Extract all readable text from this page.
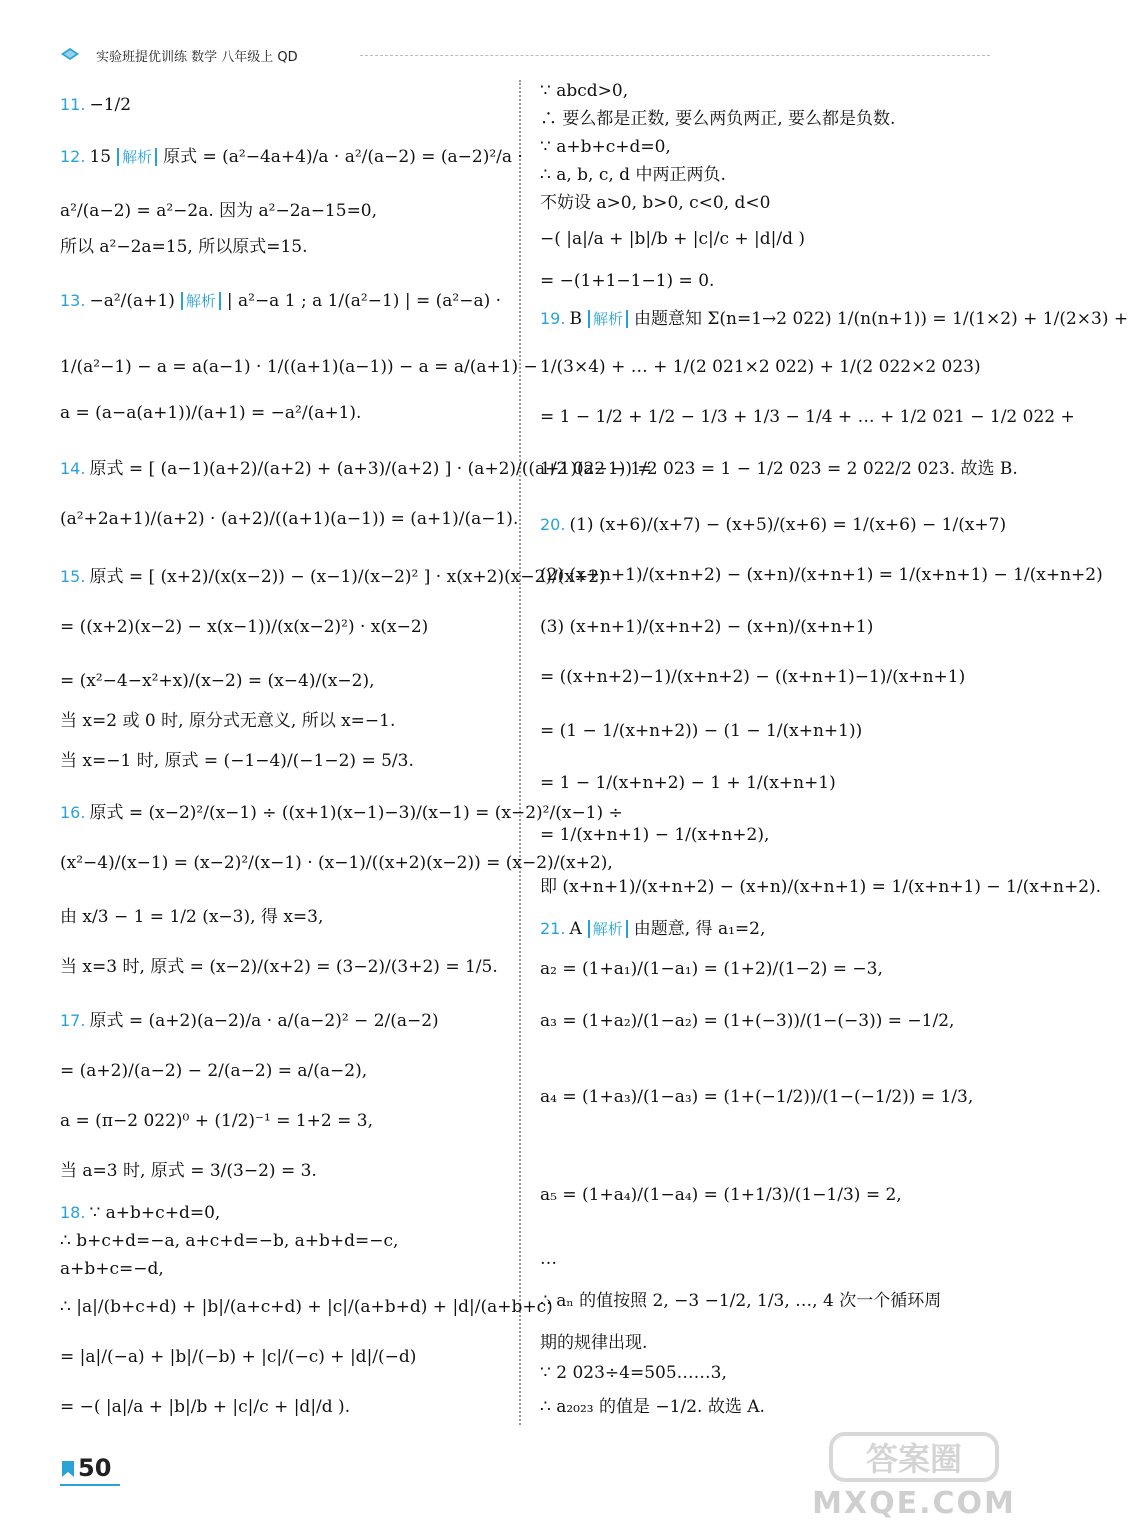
实验班提优训练 数学 八年级上 QD
11. −1/2
12. 15 解析 原式 = (a²−4a+4)/a · a²/(a−2) = (a−2)²/a ·
a²/(a−2) = a²−2a. 因为 a²−2a−15=0,
所以 a²−2a=15, 所以原式=15.
13. −a²/(a+1) 解析 | a²−a 1 ; a 1/(a²−1) | = (a²−a) ·
1/(a²−1) − a = a(a−1) · 1/((a+1)(a−1)) − a = a/(a+1) −
a = (a−a(a+1))/(a+1) = −a²/(a+1).
14. 原式 = [ (a−1)(a+2)/(a+2) + (a+3)/(a+2) ] · (a+2)/((a+1)(a−1)) =
(a²+2a+1)/(a+2) · (a+2)/((a+1)(a−1)) = (a+1)/(a−1).
15. 原式 = [ (x+2)/(x(x−2)) − (x−1)/(x−2)² ] · x(x+2)(x−2)/(x+2)
= ((x+2)(x−2) − x(x−1))/(x(x−2)²) · x(x−2)
= (x²−4−x²+x)/(x−2) = (x−4)/(x−2),
当 x=2 或 0 时, 原分式无意义, 所以 x=−1.
当 x=−1 时, 原式 = (−1−4)/(−1−2) = 5/3.
16. 原式 = (x−2)²/(x−1) ÷ ((x+1)(x−1)−3)/(x−1) = (x−2)²/(x−1) ÷
(x²−4)/(x−1) = (x−2)²/(x−1) · (x−1)/((x+2)(x−2)) = (x−2)/(x+2),
由 x/3 − 1 = 1/2 (x−3), 得 x=3,
当 x=3 时, 原式 = (x−2)/(x+2) = (3−2)/(3+2) = 1/5.
17. 原式 = (a+2)(a−2)/a · a/(a−2)² − 2/(a−2)
= (a+2)/(a−2) − 2/(a−2) = a/(a−2),
a = (π−2 022)⁰ + (1/2)⁻¹ = 1+2 = 3,
当 a=3 时, 原式 = 3/(3−2) = 3.
18. ∵ a+b+c+d=0,
∴ b+c+d=−a, a+c+d=−b, a+b+d=−c,
a+b+c=−d,
∴ |a|/(b+c+d) + |b|/(a+c+d) + |c|/(a+b+d) + |d|/(a+b+c)
= |a|/(−a) + |b|/(−b) + |c|/(−c) + |d|/(−d)
= −( |a|/a + |b|/b + |c|/c + |d|/d ).
∵ abcd>0,
∴ 要么都是正数, 要么两负两正, 要么都是负数.
∵ a+b+c+d=0,
∴ a, b, c, d 中两正两负.
不妨设 a>0, b>0, c<0, d<0
−( |a|/a + |b|/b + |c|/c + |d|/d )
= −(1+1−1−1) = 0.
19. B 解析 由题意知 Σ(n=1→2 022) 1/(n(n+1)) = 1/(1×2) + 1/(2×3) +
1/(3×4) + … + 1/(2 021×2 022) + 1/(2 022×2 023)
= 1 − 1/2 + 1/2 − 1/3 + 1/3 − 1/4 + … + 1/2 021 − 1/2 022 +
1/2 022 − 1/2 023 = 1 − 1/2 023 = 2 022/2 023. 故选 B.
20. (1) (x+6)/(x+7) − (x+5)/(x+6) = 1/(x+6) − 1/(x+7)
(2) (x+n+1)/(x+n+2) − (x+n)/(x+n+1) = 1/(x+n+1) − 1/(x+n+2)
(3) (x+n+1)/(x+n+2) − (x+n)/(x+n+1)
= ((x+n+2)−1)/(x+n+2) − ((x+n+1)−1)/(x+n+1)
= (1 − 1/(x+n+2)) − (1 − 1/(x+n+1))
= 1 − 1/(x+n+2) − 1 + 1/(x+n+1)
= 1/(x+n+1) − 1/(x+n+2),
即 (x+n+1)/(x+n+2) − (x+n)/(x+n+1) = 1/(x+n+1) − 1/(x+n+2).
21. A 解析 由题意, 得 a₁=2,
a₂ = (1+a₁)/(1−a₁) = (1+2)/(1−2) = −3,
a₃ = (1+a₂)/(1−a₂) = (1+(−3))/(1−(−3)) = −1/2,
a₄ = (1+a₃)/(1−a₃) = (1+(−1/2))/(1−(−1/2)) = 1/3,
a₅ = (1+a₄)/(1−a₄) = (1+1/3)/(1−1/3) = 2,
…
∴ aₙ 的值按照 2, −3 −1/2, 1/3, …, 4 次一个循环周
期的规律出现.
∵ 2 023÷4=505……3,
∴ a₂₀₂₃ 的值是 −1/2. 故选 A.
50	答案圈
MXQE.COM
